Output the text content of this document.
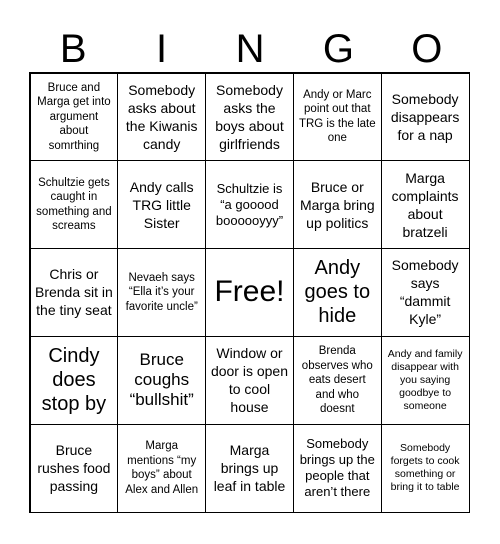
B	I	N	G	O
Bruce and Marga get into argument about somrthing
Somebody asks about the Kiwanis candy
Somebody asks the boys about girlfriends
Andy or Marc point out that TRG is the late one
Somebody disappears for a nap
Schultzie gets caught in something and screams
Andy calls TRG little Sister
Schultzie is “a gooood boooooyyy”
Bruce or Marga bring up politics
Marga complaints about bratzeli
Chris or Brenda sit in the tiny seat
Nevaeh says “Ella it’s your favorite uncle” Free!
Andy goes to hide
Somebody says “dammit Kyle”
Cindy does stop by
Bruce coughs “bullshit”
Window or door is open to cool house
Brenda observes who eats desert and who doesnt
Andy and family disappear with you saying goodbye to someone
Bruce rushes food passing
Marga mentions “my boys” about Alex and Allen
Marga brings up leaf in table
Somebody brings up the people that aren’t there
Somebody forgets to cook something or bring it to table
